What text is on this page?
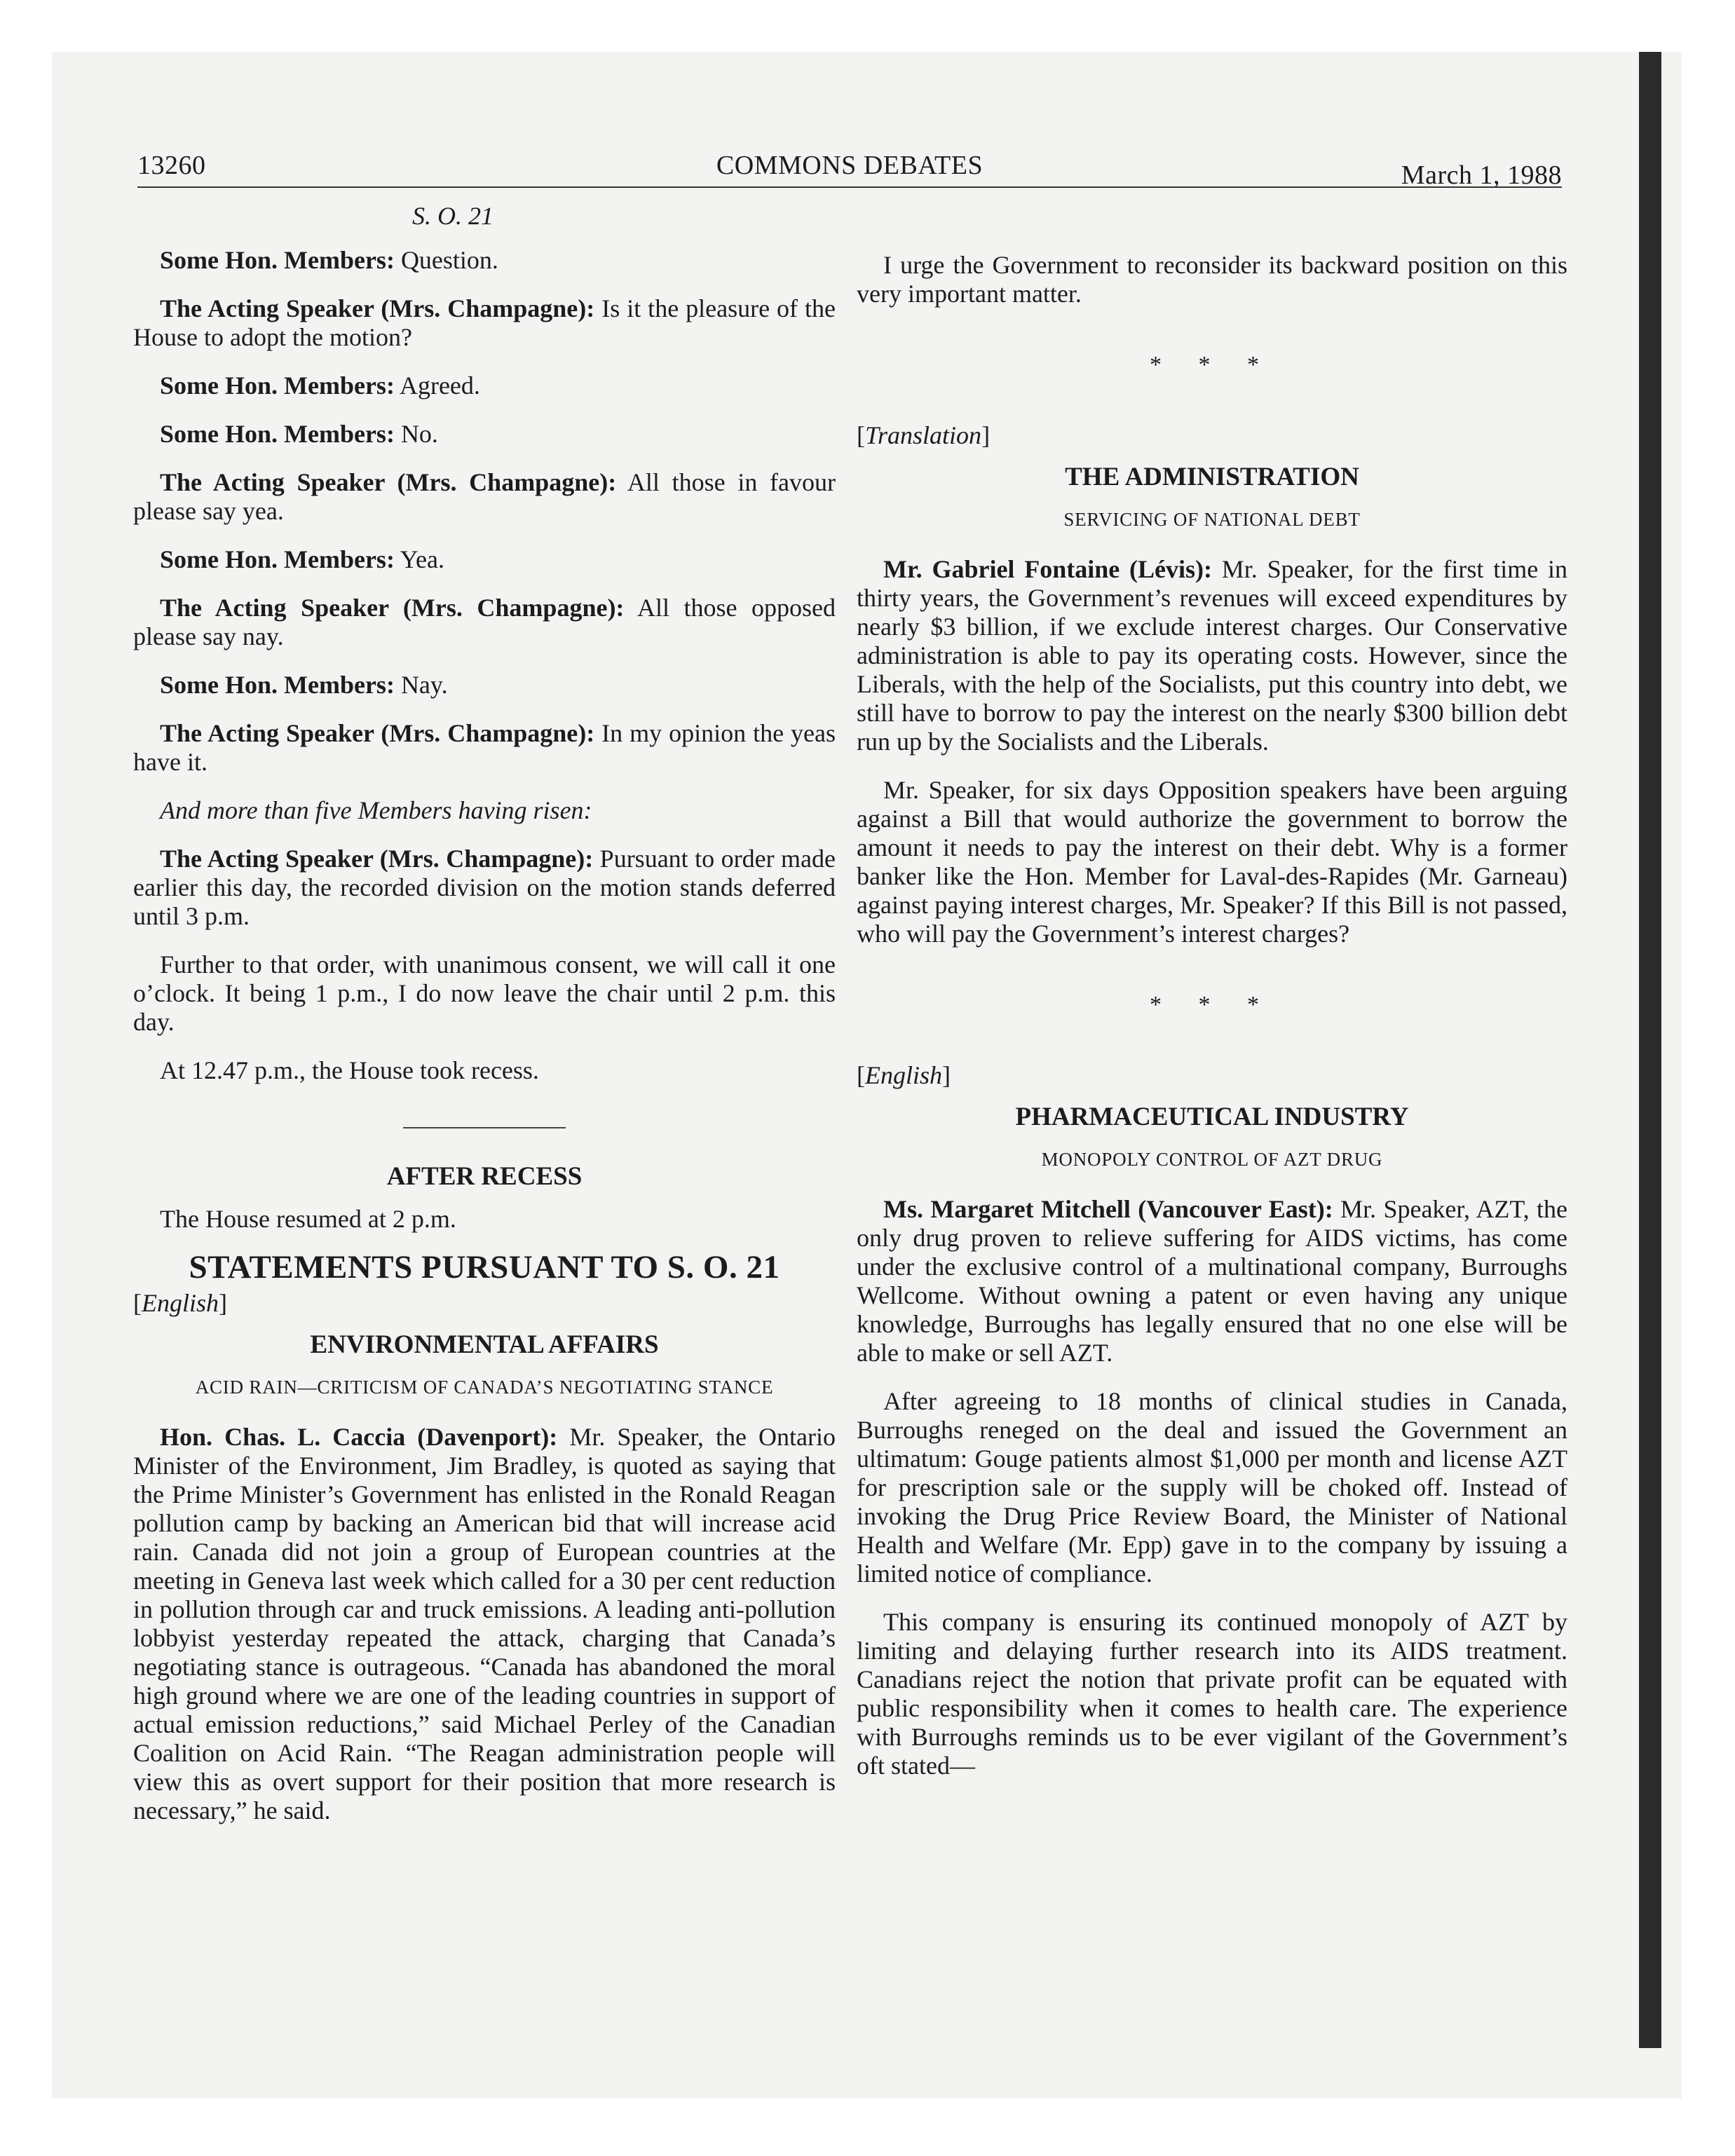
13260	COMMONS DEBATES	March 1, 1988

S. O. 21

Some Hon. Members: Question.

The Acting Speaker (Mrs. Champagne): Is it the pleasure of the House to adopt the motion?

Some Hon. Members: Agreed.

Some Hon. Members: No.

The Acting Speaker (Mrs. Champagne): All those in favour please say yea.

Some Hon. Members: Yea.

The Acting Speaker (Mrs. Champagne): All those opposed please say nay.

Some Hon. Members: Nay.

The Acting Speaker (Mrs. Champagne): In my opinion the yeas have it.

And more than five Members having risen:

The Acting Speaker (Mrs. Champagne): Pursuant to order made earlier this day, the recorded division on the motion stands deferred until 3 p.m.

Further to that order, with unanimous consent, we will call it one o’clock. It being 1 p.m., I do now leave the chair until 2 p.m. this day.

At 12.47 p.m., the House took recess.

AFTER RECESS

The House resumed at 2 p.m.

STATEMENTS PURSUANT TO S. O. 21

[English]

ENVIRONMENTAL AFFAIRS

ACID RAIN—CRITICISM OF CANADA’S NEGOTIATING STANCE

Hon. Chas. L. Caccia (Davenport): Mr. Speaker, the Ontario Minister of the Environment, Jim Bradley, is quoted as saying that the Prime Minister’s Government has enlisted in the Ronald Reagan pollution camp by backing an American bid that will increase acid rain. Canada did not join a group of European countries at the meeting in Geneva last week which called for a 30 per cent reduction in pollution through car and truck emissions. A leading anti-pollution lobbyist yesterday repeated the attack, charging that Canada’s negotiating stance is outrageous. “Canada has abandoned the moral high ground where we are one of the leading countries in support of actual emission reductions,” said Michael Perley of the Canadian Coalition on Acid Rain. “The Reagan administration people will view this as overt support for their position that more research is necessary,” he said.

I urge the Government to reconsider its backward position on this very important matter.

* * *

[Translation]

THE ADMINISTRATION

SERVICING OF NATIONAL DEBT

Mr. Gabriel Fontaine (Lévis): Mr. Speaker, for the first time in thirty years, the Government’s revenues will exceed expenditures by nearly $3 billion, if we exclude interest charges. Our Conservative administration is able to pay its operating costs. However, since the Liberals, with the help of the Socialists, put this country into debt, we still have to borrow to pay the interest on the nearly $300 billion debt run up by the Socialists and the Liberals.

Mr. Speaker, for six days Opposition speakers have been arguing against a Bill that would authorize the government to borrow the amount it needs to pay the interest on their debt. Why is a former banker like the Hon. Member for Laval-des-Rapides (Mr. Garneau) against paying interest charges, Mr. Speaker? If this Bill is not passed, who will pay the Government’s interest charges?

* * *

[English]

PHARMACEUTICAL INDUSTRY

MONOPOLY CONTROL OF AZT DRUG

Ms. Margaret Mitchell (Vancouver East): Mr. Speaker, AZT, the only drug proven to relieve suffering for AIDS victims, has come under the exclusive control of a multinational company, Burroughs Wellcome. Without owning a patent or even having any unique knowledge, Burroughs has legally ensured that no one else will be able to make or sell AZT.

After agreeing to 18 months of clinical studies in Canada, Burroughs reneged on the deal and issued the Government an ultimatum: Gouge patients almost $1,000 per month and license AZT for prescription sale or the supply will be choked off. Instead of invoking the Drug Price Review Board, the Minister of National Health and Welfare (Mr. Epp) gave in to the company by issuing a limited notice of compliance.

This company is ensuring its continued monopoly of AZT by limiting and delaying further research into its AIDS treatment. Canadians reject the notion that private profit can be equated with public responsibility when it comes to health care. The experience with Burroughs reminds us to be ever vigilant of the Government’s oft stated—
